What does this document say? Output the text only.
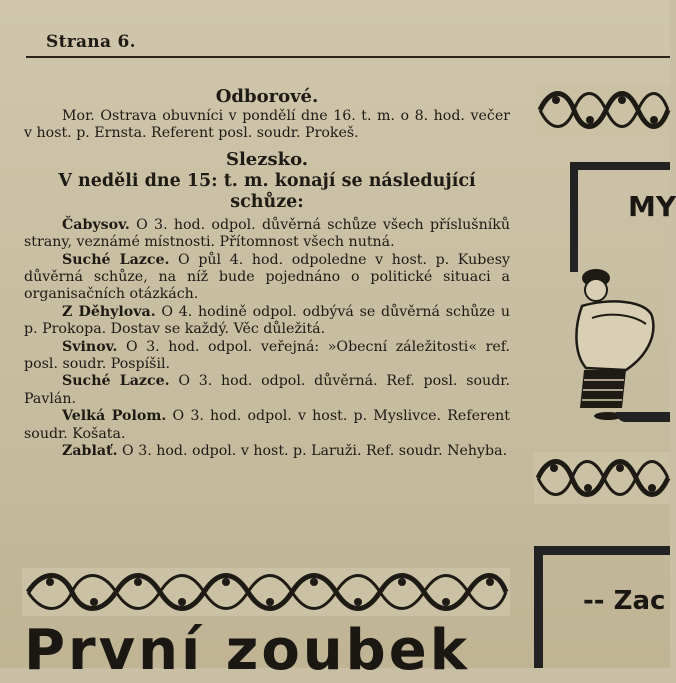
Strana 6.
Odborové.

Mor. Ostrava obuvníci v pondělí dne 16. t. m. o 8. hod. večer v host. p. Ernsta. Referent posl. soudr. Prokeš.

Slezsko.
V neděli dne 15: t. m. konají se následující schůze:

Čabysov. O 3. hod. odpol. důvěrná schůze všech příslušníků strany, veznámé místnosti. Přítomnost všech nutná.

Suché Lazce. O půl 4. hod. odpoledne v host. p. Kubesy důvěrná schůze, na níž bude pojednáno o politické situaci a organisačních otázkách.

Z Děhylova. O 4. hodině odpol. odbývá se důvěrná schůze u p. Prokopa. Dostav se každý. Věc důležitá.

Svinov. O 3. hod. odpol. veřejná: »Obecní záležitosti« ref. posl. soudr. Pospíšil.

Suché Lazce. O 3. hod. odpol. důvěrná. Ref. posl. soudr. Pavlán.

Velká Polom. O 3. hod. odpol. v host. p. Myslivce. Referent soudr. Košata.

Zablať. O 3. hod. odpol. v host. p. Laruži. Ref. soudr. Nehyba.

První zoubek
MY
-- Zac
